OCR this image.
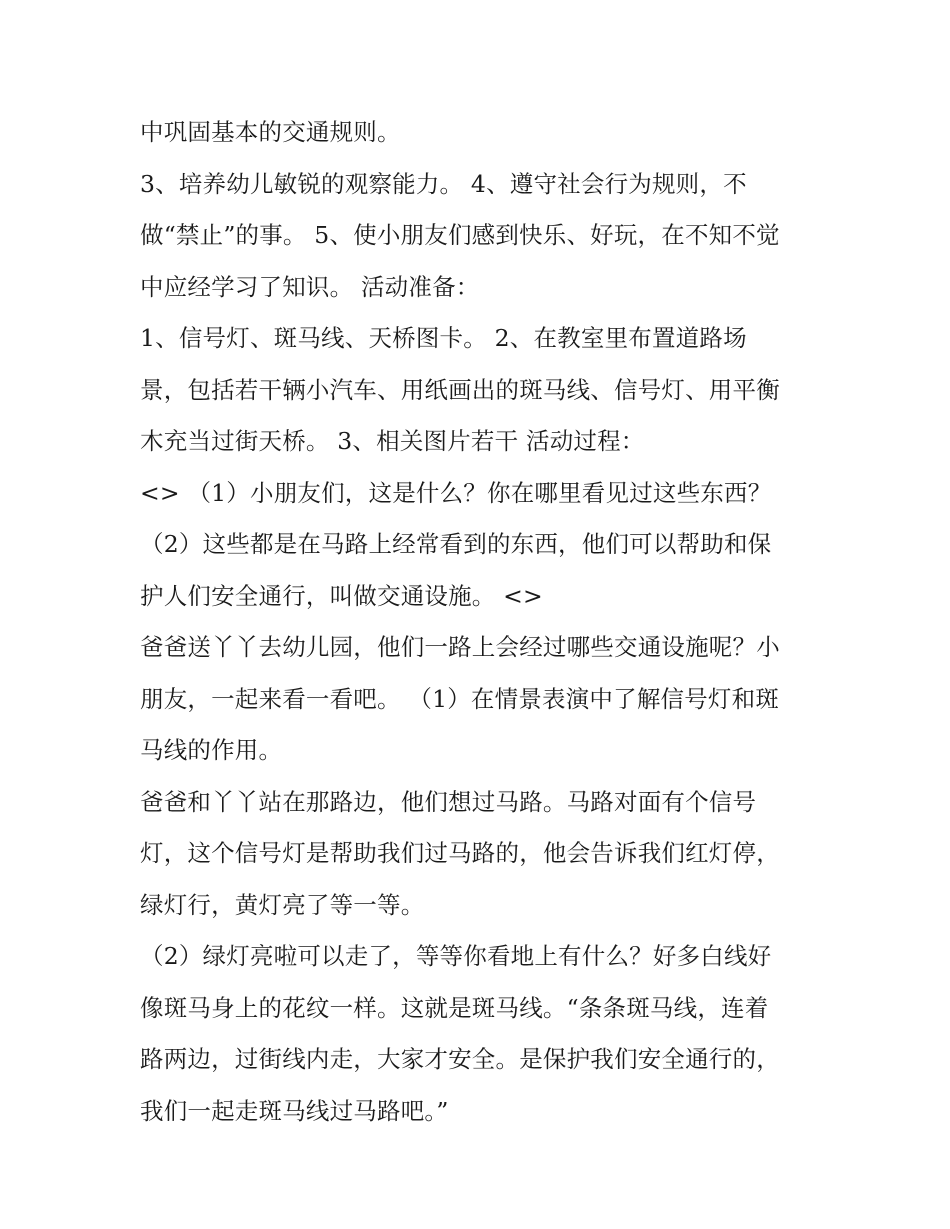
中巩固基本的交通规则。
3、培养幼儿敏锐的观察能力。 4、遵守社会行为规则，不
做“禁止”的事。 5、使小朋友们感到快乐、好玩，在不知不觉
中应经学习了知识。 活动准备：
1、信号灯、斑马线、天桥图卡。 2、在教室里布置道路场
景，包括若干辆小汽车、用纸画出的斑马线、信号灯、用平衡
木充当过街天桥。 3、相关图片若干 活动过程：
<> （1）小朋友们，这是什么？你在哪里看见过这些东西？
（2）这些都是在马路上经常看到的东西，他们可以帮助和保
护人们安全通行，叫做交通设施。 <>
爸爸送丫丫去幼儿园，他们一路上会经过哪些交通设施呢？小
朋友，一起来看一看吧。 （1）在情景表演中了解信号灯和斑
马线的作用。
爸爸和丫丫站在那路边，他们想过马路。马路对面有个信号
灯，这个信号灯是帮助我们过马路的，他会告诉我们红灯停，
绿灯行，黄灯亮了等一等。
（2）绿灯亮啦可以走了，等等你看地上有什么？好多白线好
像斑马身上的花纹一样。这就是斑马线。“条条斑马线，连着
路两边，过街线内走，大家才安全。是保护我们安全通行的，
我们一起走斑马线过马路吧。”
